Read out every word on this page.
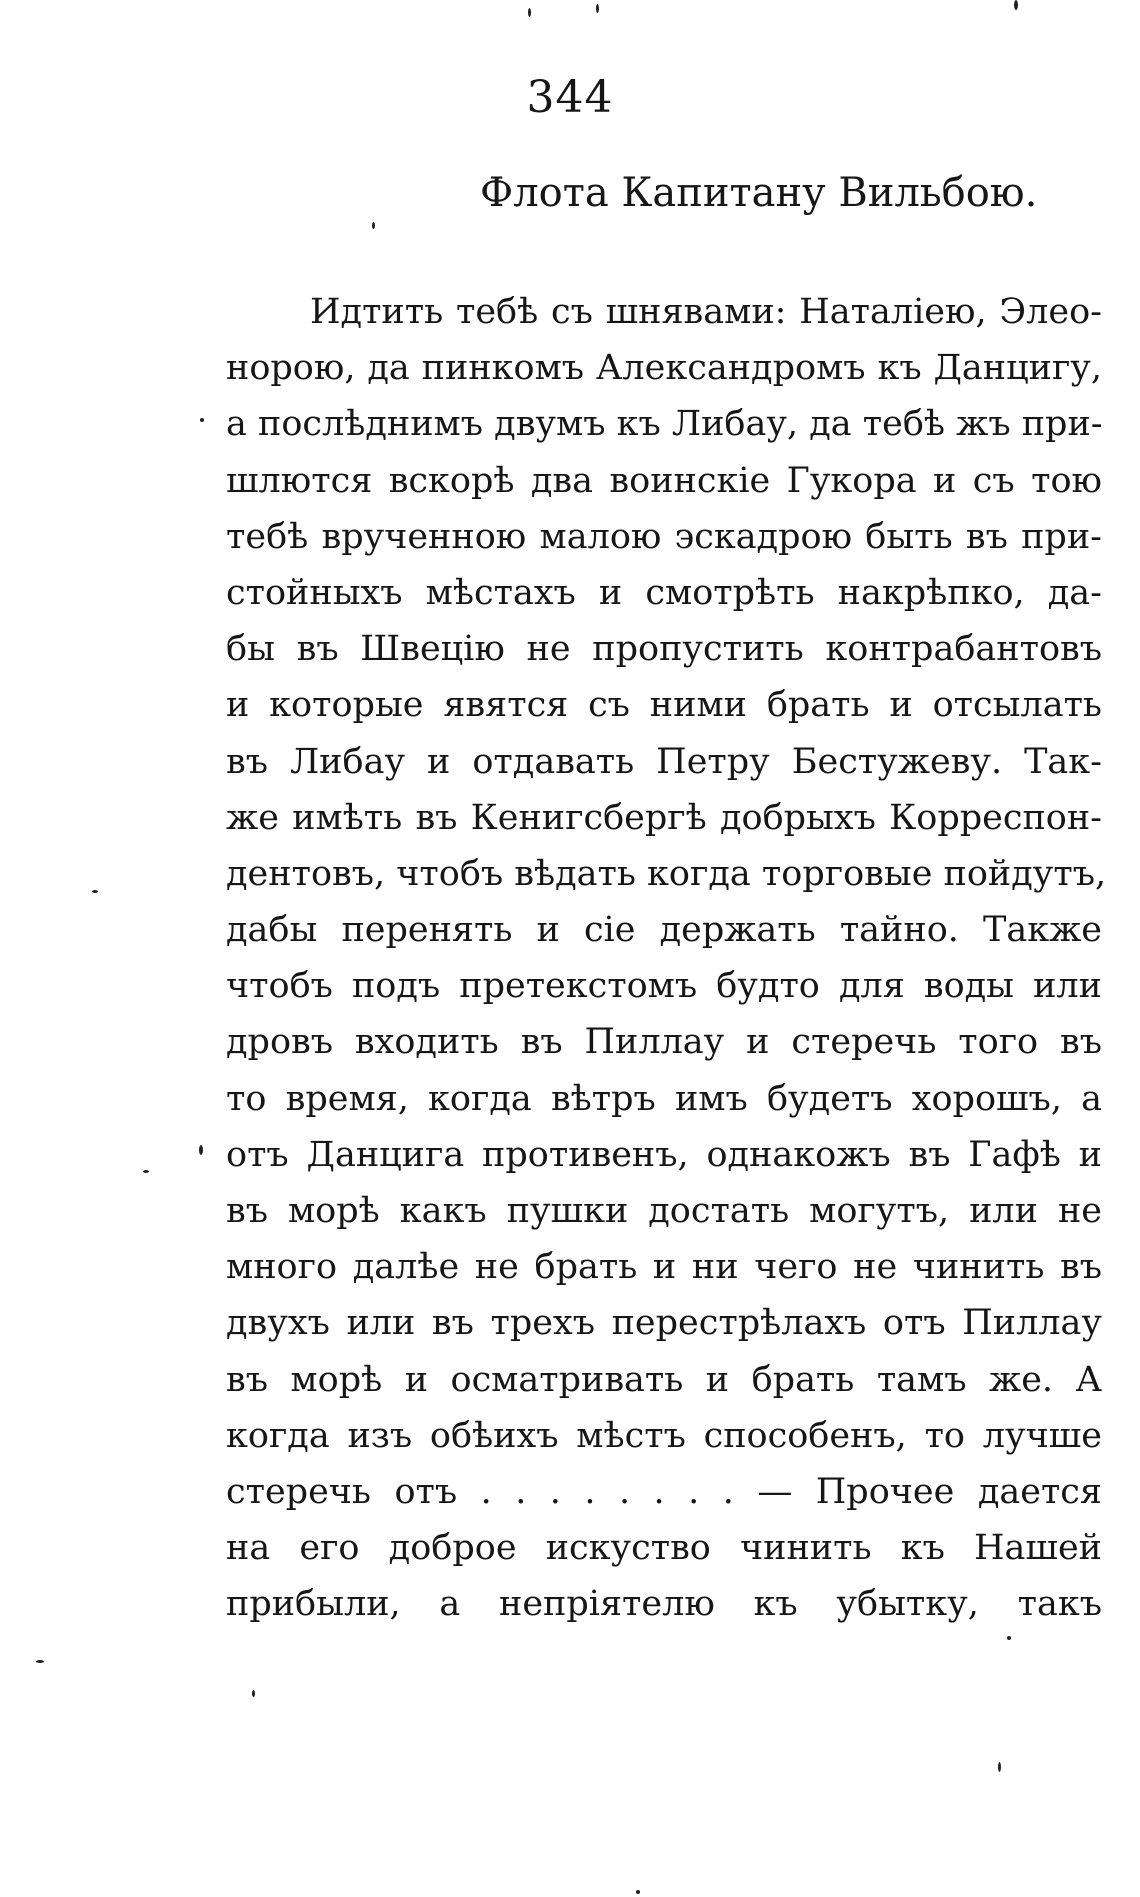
344
Флота Капитану Вильбою.
Идтить тебѣ съ шнявами: Наталiею, Элео-
норою, да пинкомъ Александромъ къ Данцигу,
а послѣднимъ двумъ къ Либау, да тебѣ жъ при-
шлются вскорѣ два воинскiе Гукора и съ тою
тебѣ врученною малою эскадрою быть въ при-
стойныхъ мѣстахъ и смотрѣть накрѣпко, да-
бы въ Швецiю не пропустить контрабантовъ
и которые явятся съ ними брать и отсылать
въ Либау и отдавать Петру Бестужеву. Так-
же имѣть въ Кенигсбергѣ добрыхъ Корреспон-
дентовъ, чтобъ вѣдать когда торговые пойдутъ,
дабы перенять и сiе держать тайно. Также
чтобъ подъ претекстомъ будто для воды или
дровъ входить въ Пиллау и стеречь того въ
то время, когда вѣтръ имъ будетъ хорошъ, а
отъ Данцига противенъ, однакожъ въ Гафѣ и
въ морѣ какъ пушки достать могутъ, или не
много далѣе не брать и ни чего не чинить въ
двухъ или въ трехъ перестрѣлахъ отъ Пиллау
въ морѣ и осматривать и брать тамъ же. А
когда изъ обѣихъ мѣстъ способенъ, то лучше
стеречь отъ . . . . . . . . — Прочее дается
на его доброе искуство чинить къ Нашей
прибыли, а непрiятелю къ убытку, такъ
